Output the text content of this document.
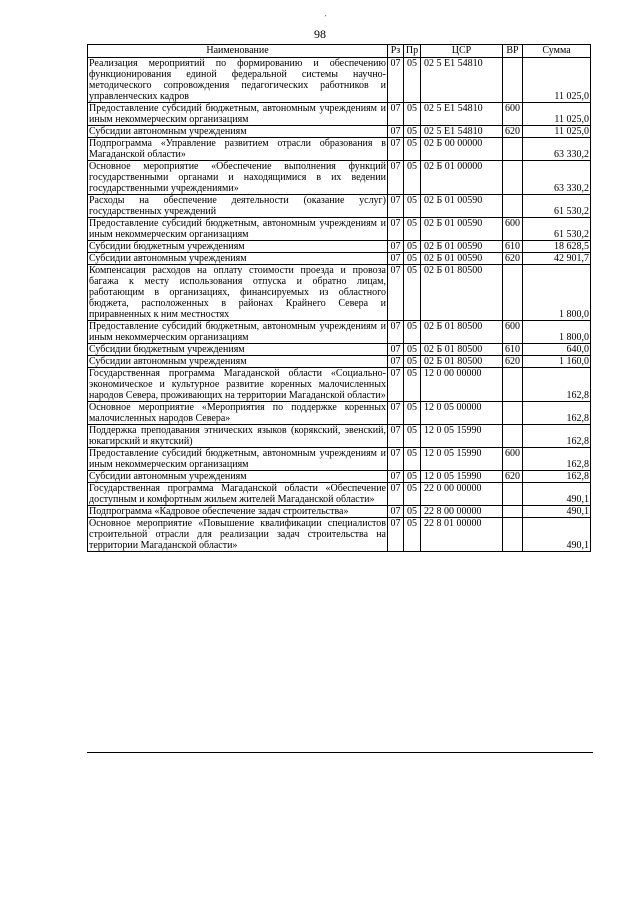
98
ˊ
Наименование	Рз	Пр	ЦСР	ВР	Сумма
Реализация мероприятий по формированию и обеспечению функционирования единой федеральной системы научно-методического сопровождения педагогических работников и управленческих кадров	07	05	02 5 Е1 54810		11 025,0
Предоставление субсидий бюджетным, автономным учреждениям и иным некоммерческим организациям	07	05	02 5 Е1 54810	600	11 025,0
Субсидии автономным учреждениям	07	05	02 5 Е1 54810	620	11 025,0
Подпрограмма «Управление развитием отрасли образования в Магаданской области»	07	05	02 Б 00 00000		63 330,2
Основное мероприятие «Обеспечение выполнения функций государственными органами и находящимися в их ведении государственными учреждениями»	07	05	02 Б 01 00000		63 330,2
Расходы на обеспечение деятельности (оказание услуг) государственных учреждений	07	05	02 Б 01 00590		61 530,2
Предоставление субсидий бюджетным, автономным учреждениям и иным некоммерческим организациям	07	05	02 Б 01 00590	600	61 530,2
Субсидии бюджетным учреждениям	07	05	02 Б 01 00590	610	18 628,5
Субсидии автономным учреждениям	07	05	02 Б 01 00590	620	42 901,7
Компенсация расходов на оплату стоимости проезда и провоза багажа к месту использования отпуска и обратно лицам, работающим в организациях, финансируемых из областного бюджета, расположенных в районах Крайнего Севера и приравненных к ним местностях	07	05	02 Б 01 80500		1 800,0
Предоставление субсидий бюджетным, автономным учреждениям и иным некоммерческим организациям	07	05	02 Б 01 80500	600	1 800,0
Субсидии бюджетным учреждениям	07	05	02 Б 01 80500	610	640,0
Субсидии автономным учреждениям	07	05	02 Б 01 80500	620	1 160,0
Государственная программа Магаданской области «Социально-экономическое и культурное развитие коренных малочисленных народов Севера, проживающих на территории Магаданской области»	07	05	12 0 00 00000		162,8
Основное мероприятие «Мероприятия по поддержке коренных малочисленных народов Севера»	07	05	12 0 05 00000		162,8
Поддержка преподавания этнических языков (корякский, эвенский, юкагирский и якутский)	07	05	12 0 05 15990		162,8
Предоставление субсидий бюджетным, автономным учреждениям и иным некоммерческим организациям	07	05	12 0 05 15990	600	162,8
Субсидии автономным учреждениям	07	05	12 0 05 15990	620	162,8
Государственная программа Магаданской области «Обеспечение доступным и комфортным жильем жителей Магаданской области»	07	05	22 0 00 00000		490,1
Подпрограмма «Кадровое обеспечение задач строительства»	07	05	22 8 00 00000		490,1
Основное мероприятие «Повышение квалификации специалистов строительной отрасли для реализации задач строительства на территории Магаданской области»	07	05	22 8 01 00000		490,1
